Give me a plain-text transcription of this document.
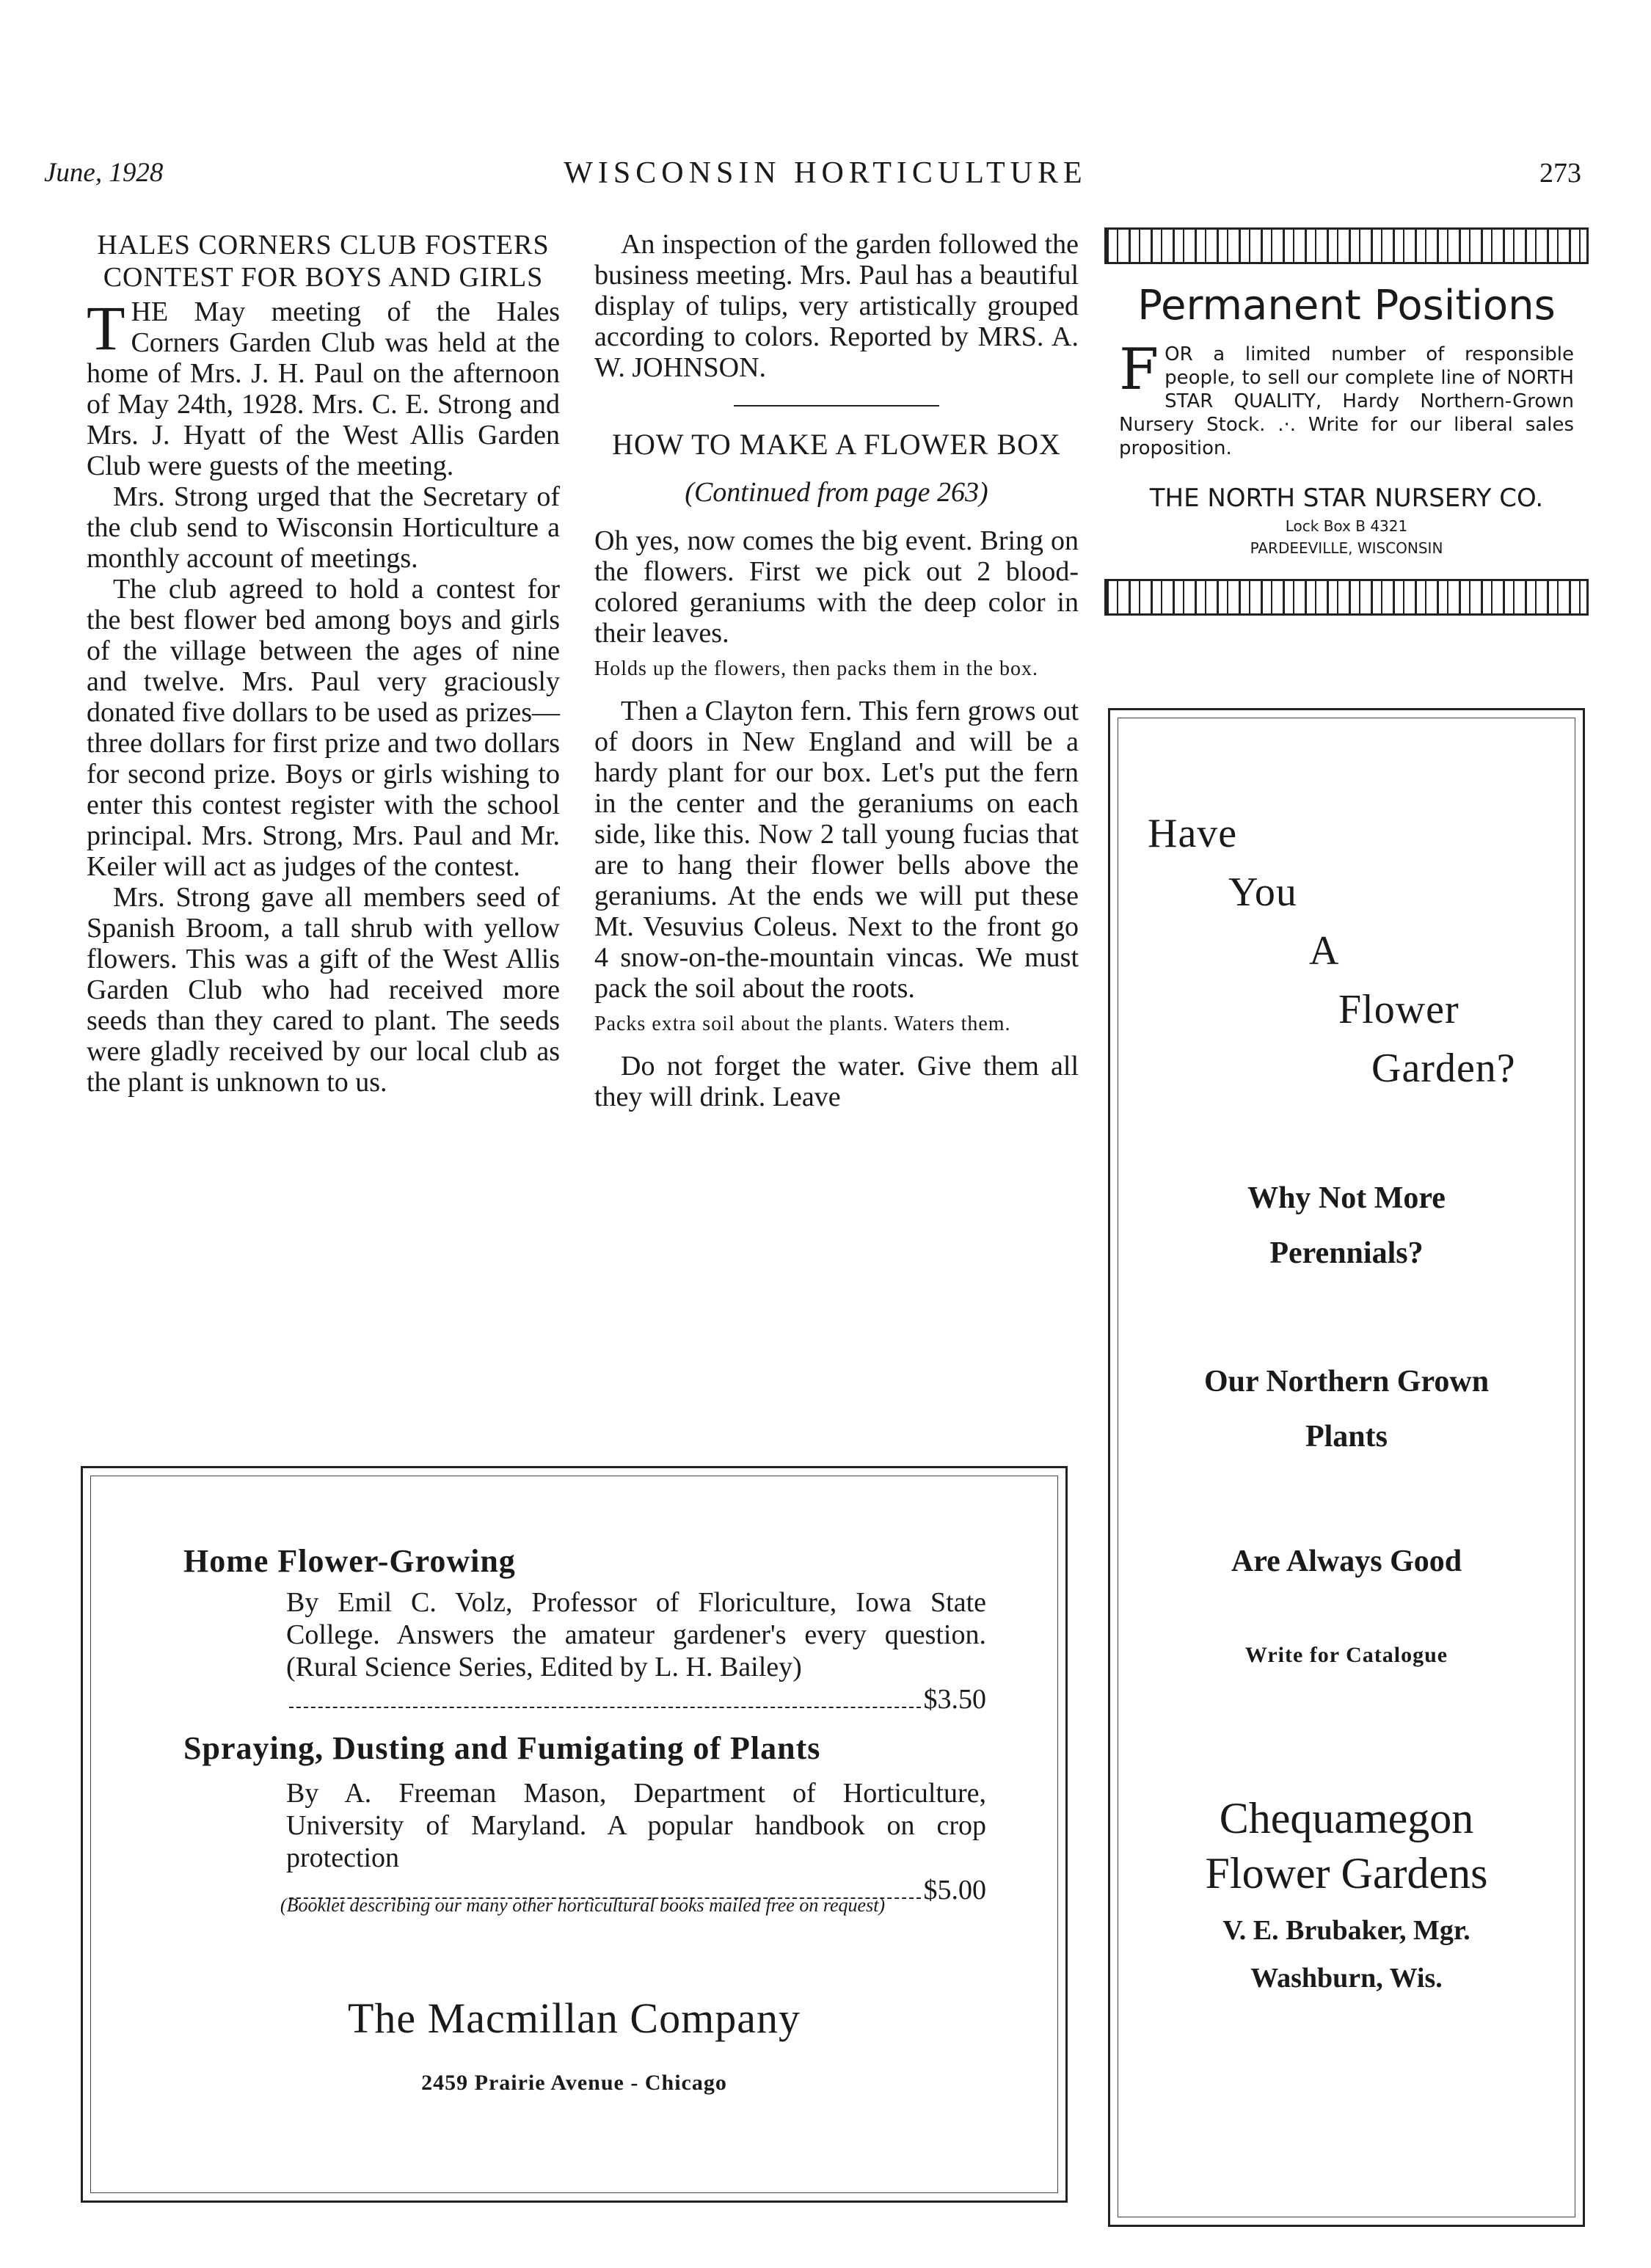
June, 1928	WISCONSIN HORTICULTURE	273
HALES CORNERS CLUB FOSTERS CONTEST FOR BOYS AND GIRLS

THE May meeting of the Hales Corners Garden Club was held at the home of Mrs. J. H. Paul on the afternoon of May 24th, 1928. Mrs. C. E. Strong and Mrs. J. Hyatt of the West Allis Garden Club were guests of the meeting.

Mrs. Strong urged that the Secretary of the club send to Wisconsin Horticulture a monthly account of meetings.

The club agreed to hold a contest for the best flower bed among boys and girls of the village between the ages of nine and twelve. Mrs. Paul very graciously donated five dollars to be used as prizes—three dollars for first prize and two dollars for second prize. Boys or girls wishing to enter this contest register with the school principal. Mrs. Strong, Mrs. Paul and Mr. Keiler will act as judges of the contest.

Mrs. Strong gave all members seed of Spanish Broom, a tall shrub with yellow flowers. This was a gift of the West Allis Garden Club who had received more seeds than they cared to plant. The seeds were gladly received by our local club as the plant is unknown to us.

An inspection of the garden followed the business meeting. Mrs. Paul has a beautiful display of tulips, very artistically grouped according to colors. Reported by MRS. A. W. JOHNSON.

HOW TO MAKE A FLOWER BOX
(Continued from page 263)

Oh yes, now comes the big event. Bring on the flowers. First we pick out 2 blood-colored geraniums with the deep color in their leaves.

Holds up the flowers, then packs them in the box.

Then a Clayton fern. This fern grows out of doors in New England and will be a hardy plant for our box. Let's put the fern in the center and the geraniums on each side, like this. Now 2 tall young fucias that are to hang their flower bells above the geraniums. At the ends we will put these Mt. Vesuvius Coleus. Next to the front go 4 snow-on-the-mountain vincas. We must pack the soil about the roots.

Packs extra soil about the plants. Waters them.

Do not forget the water. Give them all they will drink. Leave

Permanent Positions
FOR a limited number of responsible people, to sell our complete line of NORTH STAR QUALITY, Hardy Northern-Grown Nursery Stock. .·. Write for our liberal sales proposition.
THE NORTH STAR NURSERY CO.
Lock Box B 4321
PARDEEVILLE, WISCONSIN
Have
You
A
Flower
Garden?
Why Not More
Perennials?
Our Northern Grown
Plants
Are Always Good
Write for Catalogue
Chequamegon
Flower Gardens
V. E. Brubaker, Mgr.
Washburn, Wis.
Home Flower-Growing
By Emil C. Volz, Professor of Floriculture, Iowa State College. Answers the amateur gardener's every question. (Rural Science Series, Edited by L. H. Bailey)
$3.50
Spraying, Dusting and Fumigating of Plants
By A. Freeman Mason, Department of Horticulture, University of Maryland. A popular handbook on crop protection
$5.00
(Booklet describing our many other horticultural books mailed free on request)
The Macmillan Company
2459 Prairie Avenue - Chicago
